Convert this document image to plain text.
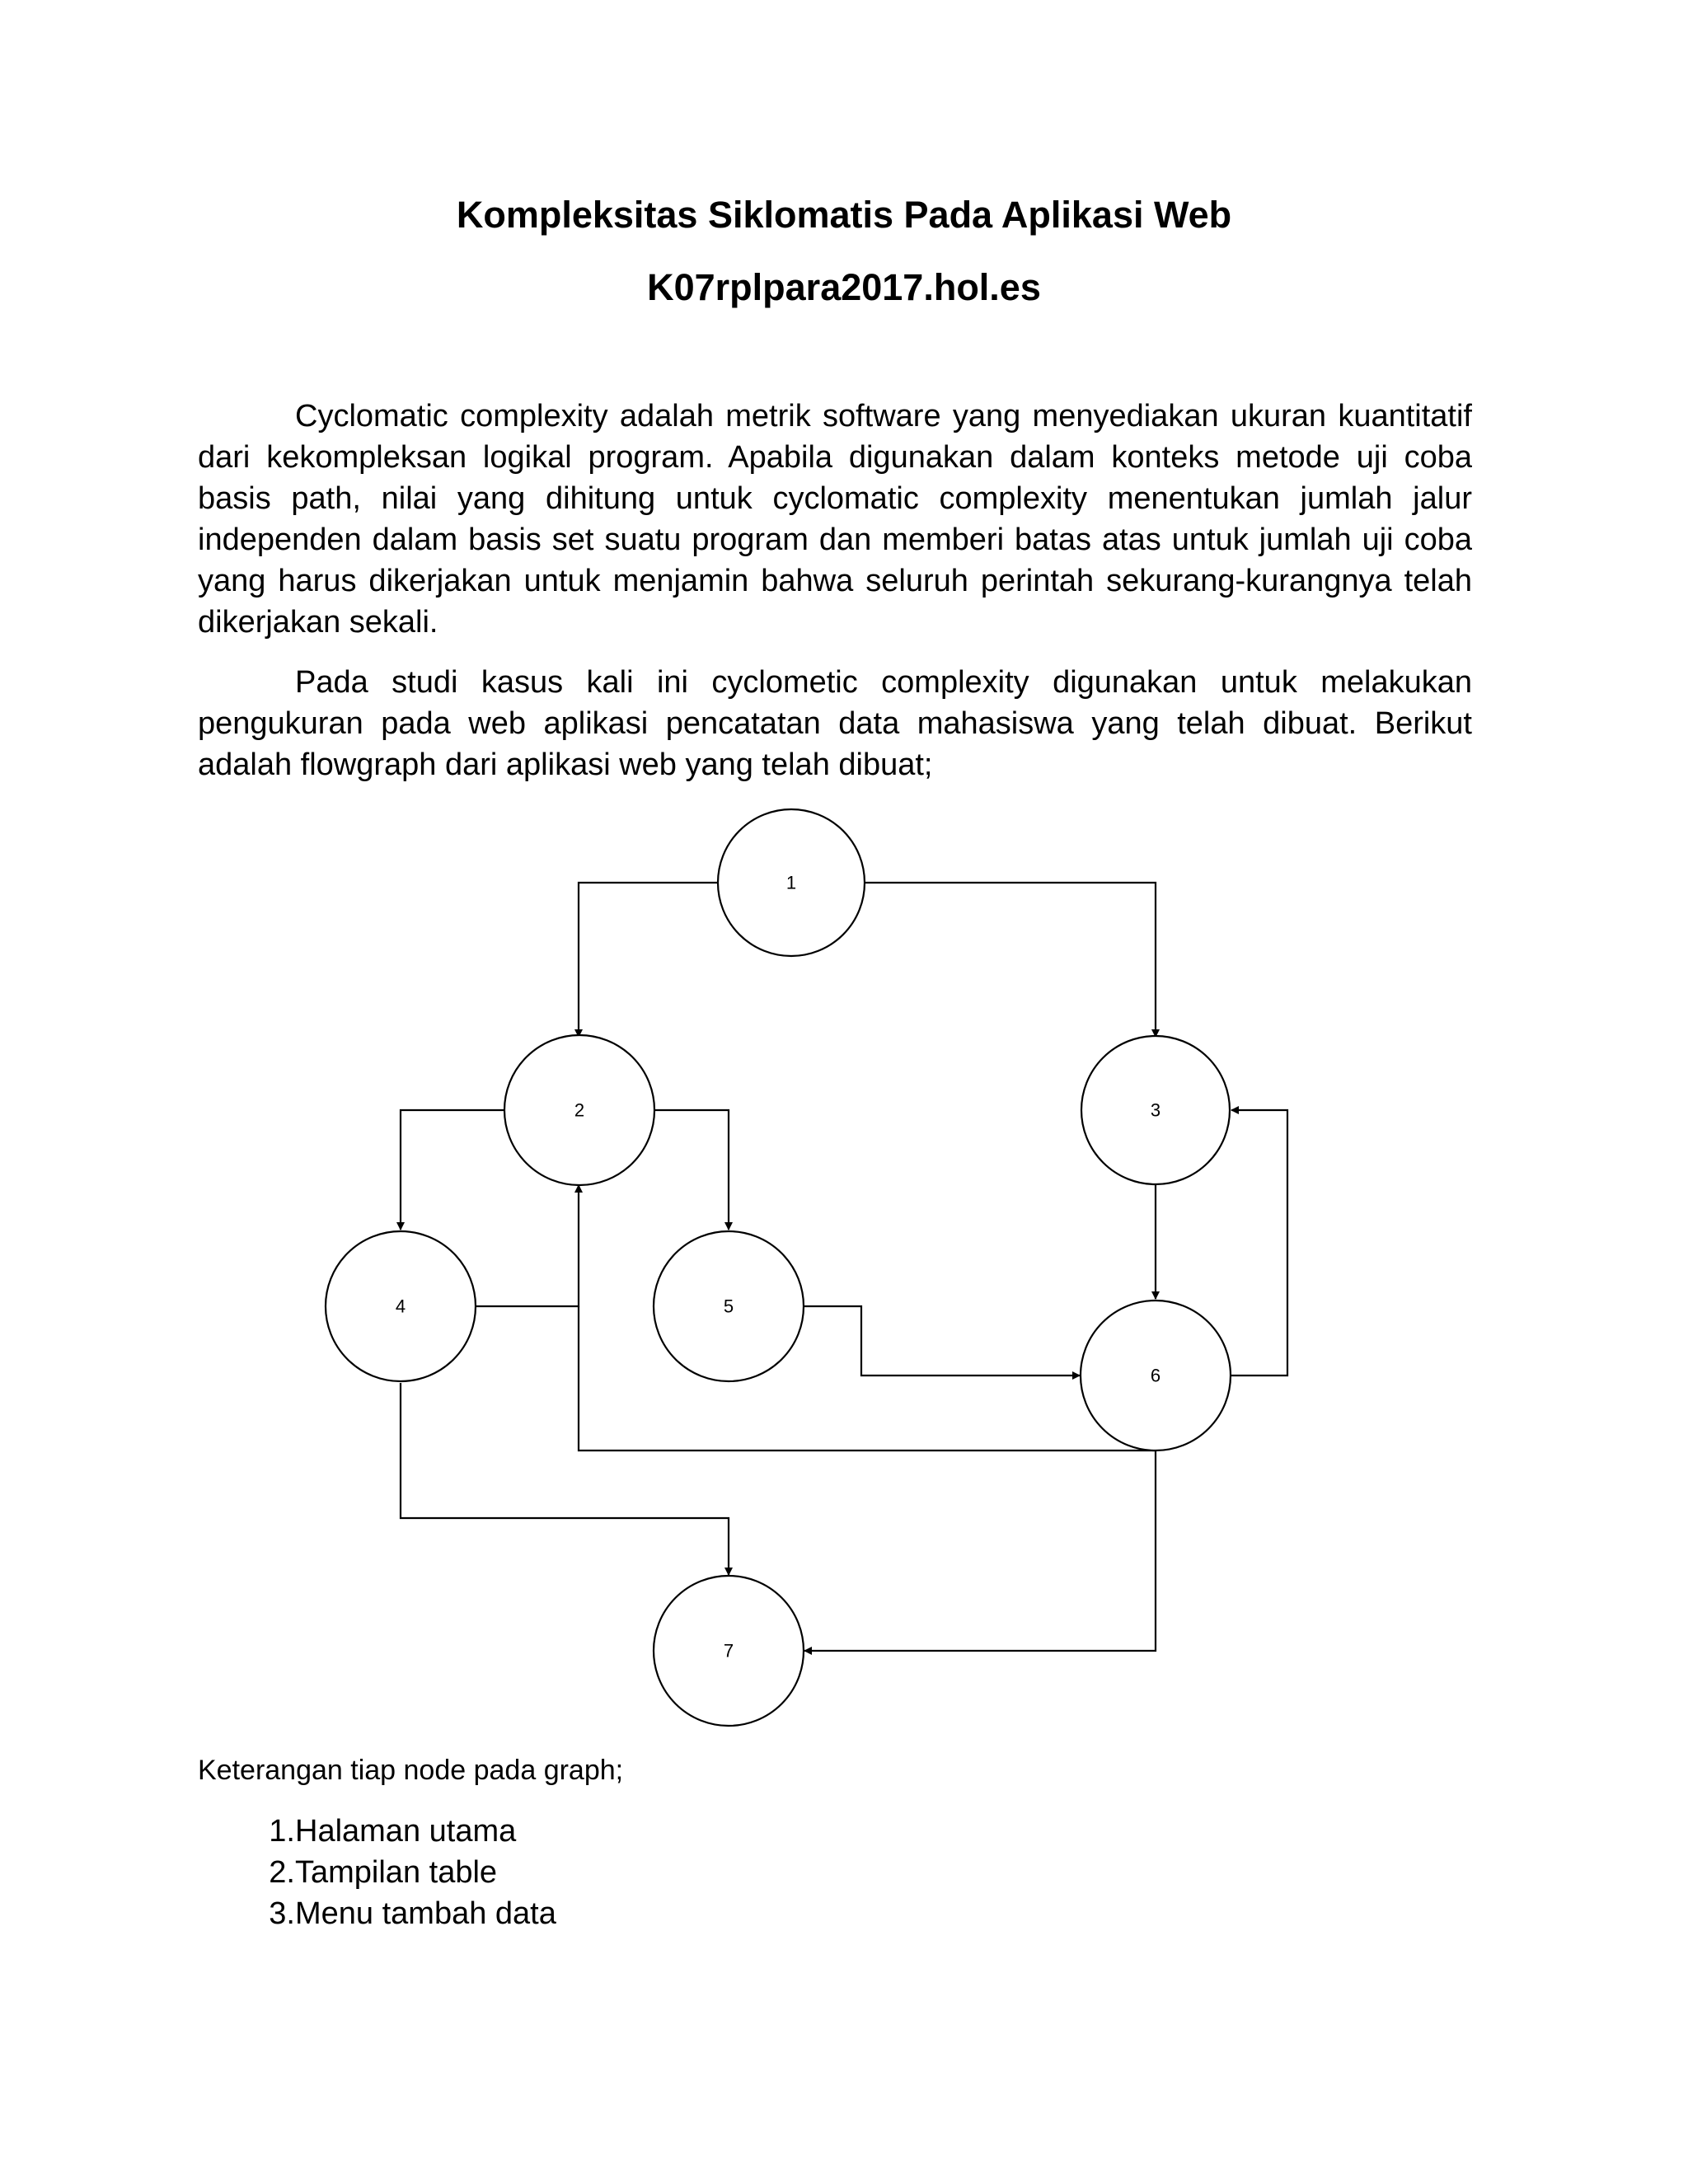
Kompleksitas Siklomatis Pada Aplikasi Web
K07rplpara2017.hol.es

Cyclomatic complexity adalah metrik software yang menyediakan ukuran kuantitatif dari kekompleksan logikal program. Apabila digunakan dalam konteks metode uji coba basis path, nilai yang dihitung untuk cyclomatic complexity menentukan jumlah jalur independen dalam basis set suatu program dan memberi batas atas untuk jumlah uji coba yang harus dikerjakan untuk menjamin bahwa seluruh perintah sekurang-kurangnya telah dikerjakan sekali.

Pada studi kasus kali ini cyclometic complexity digunakan untuk melakukan pengukuran pada web aplikasi pencatatan data mahasiswa yang telah dibuat. Berikut adalah flowgraph dari aplikasi web yang telah dibuat;

1
2	3
4	5
6
7

Keterangan tiap node pada graph;

1. Halaman utama
2. Tampilan table
3. Menu tambah data
